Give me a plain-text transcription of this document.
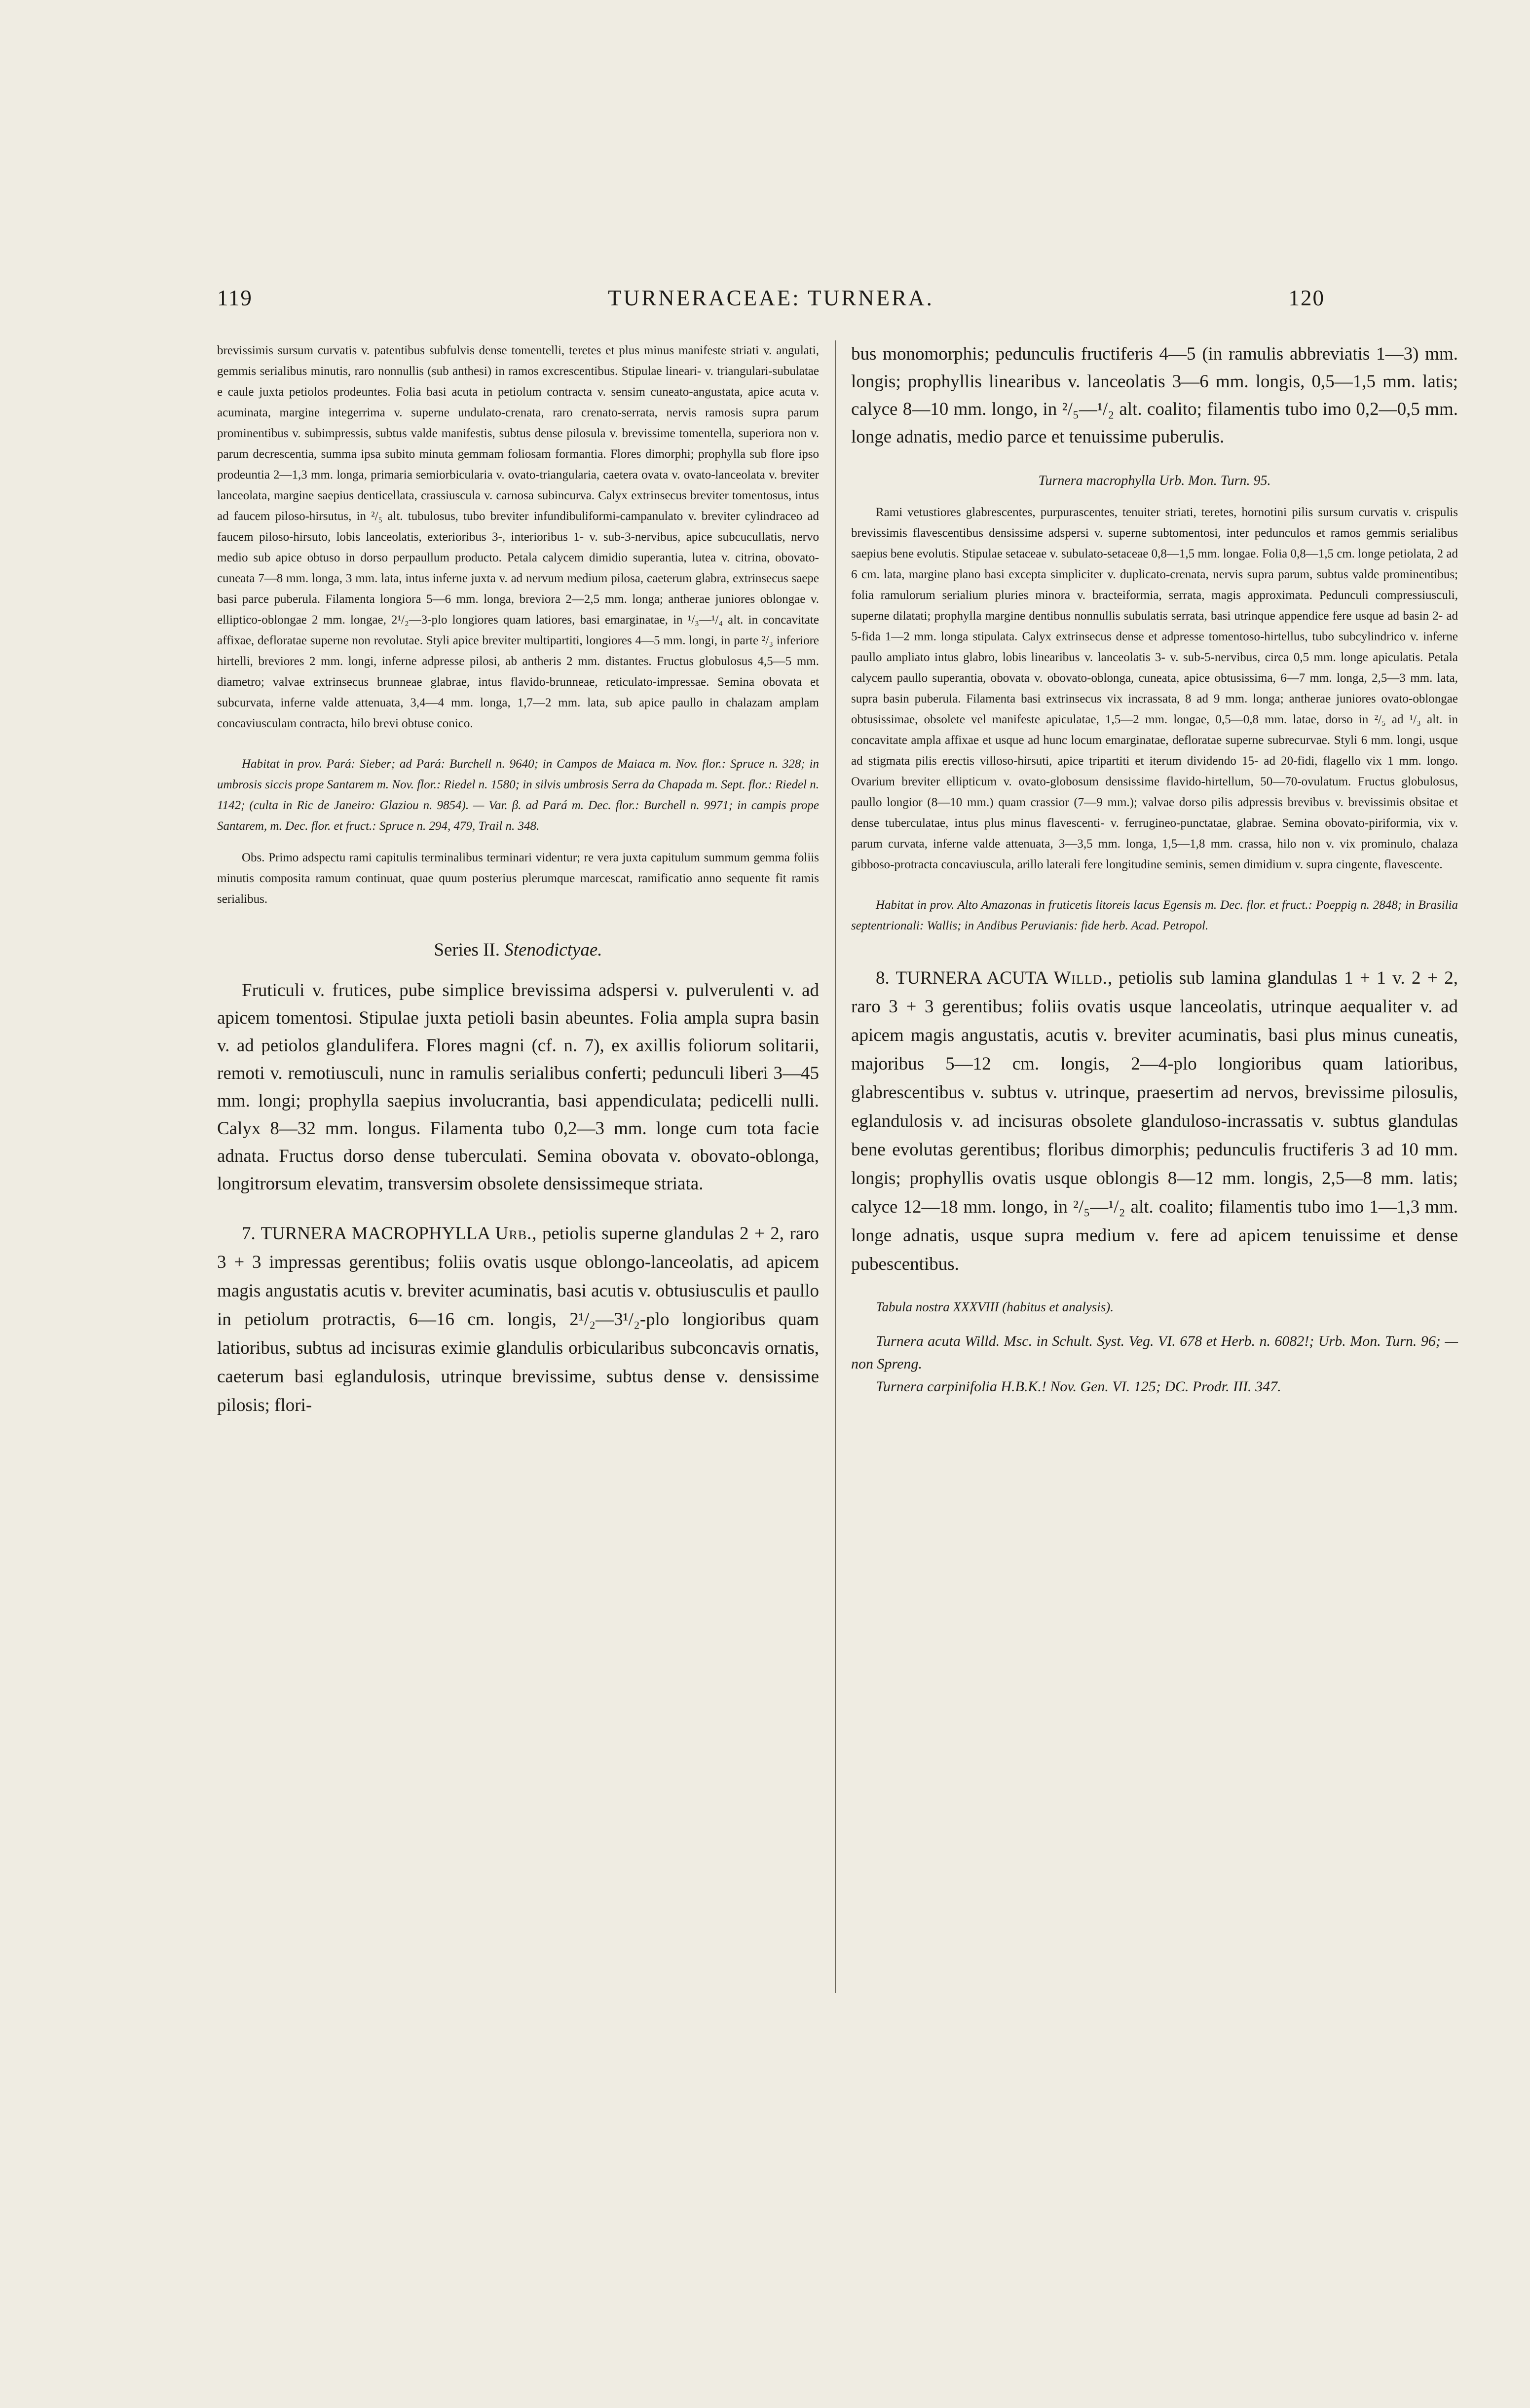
119	TURNERACEAE: TURNERA.	120

brevissimis sursum curvatis v. patentibus subfulvis dense tomentelli, teretes et plus minus manifeste striati v. angulati, gemmis serialibus minutis, raro nonnullis (sub anthesi) in ramos excrescentibus. Stipulae lineari- v. triangulari-subulatae e caule juxta petiolos prodeuntes. Folia basi acuta in petiolum contracta v. sensim cuneato-angustata, apice acuta v. acuminata, margine integerrima v. superne undulato-crenata, raro crenato-serrata, nervis ramosis supra parum prominentibus v. subimpressis, subtus valde manifestis, subtus dense pilosula v. brevissime tomentella, superiora non v. parum decrescentia, summa ipsa subito minuta gemmam foliosam formantia. Flores dimorphi; prophylla sub flore ipso prodeuntia 2—1,3 mm. longa, primaria semiorbicularia v. ovato-triangularia, caetera ovata v. ovato-lanceolata v. breviter lanceolata, margine saepius denticellata, crassiuscula v. carnosa subincurva. Calyx extrinsecus breviter tomentosus, intus ad faucem piloso-hirsutus, in ²/₅ alt. tubulosus, tubo breviter infundibuliformi-campanulato v. breviter cylindraceo ad faucem piloso-hirsuto, lobis lanceolatis, exterioribus 3-, interioribus 1- v. sub-3-nervibus, apice subcucullatis, nervo medio sub apice obtuso in dorso perpaullum producto. Petala calycem dimidio superantia, lutea v. citrina, obovato-cuneata 7—8 mm. longa, 3 mm. lata, intus inferne juxta v. ad nervum medium pilosa, caeterum glabra, extrinsecus saepe basi parce puberula. Filamenta longiora 5—6 mm. longa, breviora 2—2,5 mm. longa; antherae juniores oblongae v. elliptico-oblongae 2 mm. longae, 2¹/₂—3-plo longiores quam latiores, basi emarginatae, in ¹/₃—¹/₄ alt. in concavitate affixae, defloratae superne non revolutae. Styli apice breviter multipartiti, longiores 4—5 mm. longi, in parte ²/₃ inferiore hirtelli, breviores 2 mm. longi, inferne adpresse pilosi, ab antheris 2 mm. distantes. Fructus globulosus 4,5—5 mm. diametro; valvae extrinsecus brunneae glabrae, intus flavido-brunneae, reticulato-impressae. Semina obovata et subcurvata, inferne valde attenuata, 3,4—4 mm. longa, 1,7—2 mm. lata, sub apice paullo in chalazam amplam concaviusculam contracta, hilo brevi obtuse conico.

Habitat in prov. Pará: Sieber; ad Pará: Burchell n. 9640; in Campos de Maiaca m. Nov. flor.: Spruce n. 328; in umbrosis siccis prope Santarem m. Nov. flor.: Riedel n. 1580; in silvis umbrosis Serra da Chapada m. Sept. flor.: Riedel n. 1142; (culta in Ric de Janeiro: Glaziou n. 9854). — Var. β. ad Pará m. Dec. flor.: Burchell n. 9971; in campis prope Santarem, m. Dec. flor. et fruct.: Spruce n. 294, 479, Trail n. 348.

Obs. Primo adspectu rami capitulis terminalibus terminari videntur; re vera juxta capitulum summum gemma foliis minutis composita ramum continuat, quae quum posterius plerumque marcescat, ramificatio anno sequente fit ramis serialibus.

Series II. Stenodictyae.

Fruticuli v. frutices, pube simplice brevissima adspersi v. pulverulenti v. ad apicem tomentosi. Stipulae juxta petioli basin abeuntes. Folia ampla supra basin v. ad petiolos glandulifera. Flores magni (cf. n. 7), ex axillis foliorum solitarii, remoti v. remotiusculi, nunc in ramulis serialibus conferti; pedunculi liberi 3—45 mm. longi; prophylla saepius involucrantia, basi appendiculata; pedicelli nulli. Calyx 8—32 mm. longus. Filamenta tubo 0,2—3 mm. longe cum tota facie adnata. Fructus dorso dense tuberculati. Semina obovata v. obovato-oblonga, longitrorsum elevatim, transversim obsolete densissimeque striata.

7. TURNERA MACROPHYLLA Urb., petiolis superne glandulas 2 + 2, raro 3 + 3 impressas gerentibus; foliis ovatis usque oblongo-lanceolatis, ad apicem magis angustatis acutis v. breviter acuminatis, basi acutis v. obtusiusculis et paullo in petiolum protractis, 6—16 cm. longis, 2¹/₂—3¹/₂-plo longioribus quam latioribus, subtus ad incisuras eximie glandulis orbicularibus subconcavis ornatis, caeterum basi eglandulosis, utrinque brevissime, subtus dense v. densissime pilosis; flori-

bus monomorphis; pedunculis fructiferis 4—5 (in ramulis abbreviatis 1—3) mm. longis; prophyllis linearibus v. lanceolatis 3—6 mm. longis, 0,5—1,5 mm. latis; calyce 8—10 mm. longo, in ²/₅—¹/₂ alt. coalito; filamentis tubo imo 0,2—0,5 mm. longe adnatis, medio parce et tenuissime puberulis.

Turnera macrophylla Urb. Mon. Turn. 95.

Rami vetustiores glabrescentes, purpurascentes, tenuiter striati, teretes, hornotini pilis sursum curvatis v. crispulis brevissimis flavescentibus densissime adspersi v. superne subtomentosi, inter pedunculos et ramos gemmis serialibus saepius bene evolutis. Stipulae setaceae v. subulato-setaceae 0,8—1,5 mm. longae. Folia 0,8—1,5 cm. longe petiolata, 2 ad 6 cm. lata, margine plano basi excepta simpliciter v. duplicato-crenata, nervis supra parum, subtus valde prominentibus; folia ramulorum serialium pluries minora v. bracteiformia, serrata, magis approximata. Pedunculi compressiusculi, superne dilatati; prophylla margine dentibus nonnullis subulatis serrata, basi utrinque appendice fere usque ad basin 2- ad 5-fida 1—2 mm. longa stipulata. Calyx extrinsecus dense et adpresse tomentoso-hirtellus, tubo subcylindrico v. inferne paullo ampliato intus glabro, lobis linearibus v. lanceolatis 3- v. sub-5-nervibus, circa 0,5 mm. longe apiculatis. Petala calycem paullo superantia, obovata v. obovato-oblonga, cuneata, apice obtusissima, 6—7 mm. longa, 2,5—3 mm. lata, supra basin puberula. Filamenta basi extrinsecus vix incrassata, 8 ad 9 mm. longa; antherae juniores ovato-oblongae obtusissimae, obsolete vel manifeste apiculatae, 1,5—2 mm. longae, 0,5—0,8 mm. latae, dorso in ²/₅ ad ¹/₃ alt. in concavitate ampla affixae et usque ad hunc locum emarginatae, defloratae superne subrecurvae. Styli 6 mm. longi, usque ad stigmata pilis erectis villoso-hirsuti, apice tripartiti et iterum dividendo 15- ad 20-fidi, flagello vix 1 mm. longo. Ovarium breviter ellipticum v. ovato-globosum densissime flavido-hirtellum, 50—70-ovulatum. Fructus globulosus, paullo longior (8—10 mm.) quam crassior (7—9 mm.); valvae dorso pilis adpressis brevibus v. brevissimis obsitae et dense tuberculatae, intus plus minus flavescenti- v. ferrugineo-punctatae, glabrae. Semina obovato-piriformia, vix v. parum curvata, inferne valde attenuata, 3—3,5 mm. longa, 1,5—1,8 mm. crassa, hilo non v. vix prominulo, chalaza gibboso-protracta concaviuscula, arillo laterali fere longitudine seminis, semen dimidium v. supra cingente, flavescente.

Habitat in prov. Alto Amazonas in fruticetis litoreis lacus Egensis m. Dec. flor. et fruct.: Poeppig n. 2848; in Brasilia septentrionali: Wallis; in Andibus Peruvianis: fide herb. Acad. Petropol.

8. TURNERA ACUTA Willd., petiolis sub lamina glandulas 1 + 1 v. 2 + 2, raro 3 + 3 gerentibus; foliis ovatis usque lanceolatis, utrinque aequaliter v. ad apicem magis angustatis, acutis v. breviter acuminatis, basi plus minus cuneatis, majoribus 5—12 cm. longis, 2—4-plo longioribus quam latioribus, glabrescentibus v. subtus v. utrinque, praesertim ad nervos, brevissime pilosulis, eglandulosis v. ad incisuras obsolete glanduloso-incrassatis v. subtus glandulas bene evolutas gerentibus; floribus dimorphis; pedunculis fructiferis 3 ad 10 mm. longis; prophyllis ovatis usque oblongis 8—12 mm. longis, 2,5—8 mm. latis; calyce 12—18 mm. longo, in ²/₅—¹/₂ alt. coalito; filamentis tubo imo 1—1,3 mm. longe adnatis, usque supra medium v. fere ad apicem tenuissime et dense pubescentibus.

Tabula nostra XXXVIII (habitus et analysis).

Turnera acuta Willd. Msc. in Schult. Syst. Veg. VI. 678 et Herb. n. 6082!; Urb. Mon. Turn. 96; — non Spreng.

Turnera carpinifolia H.B.K.! Nov. Gen. VI. 125; DC. Prodr. III. 347.
